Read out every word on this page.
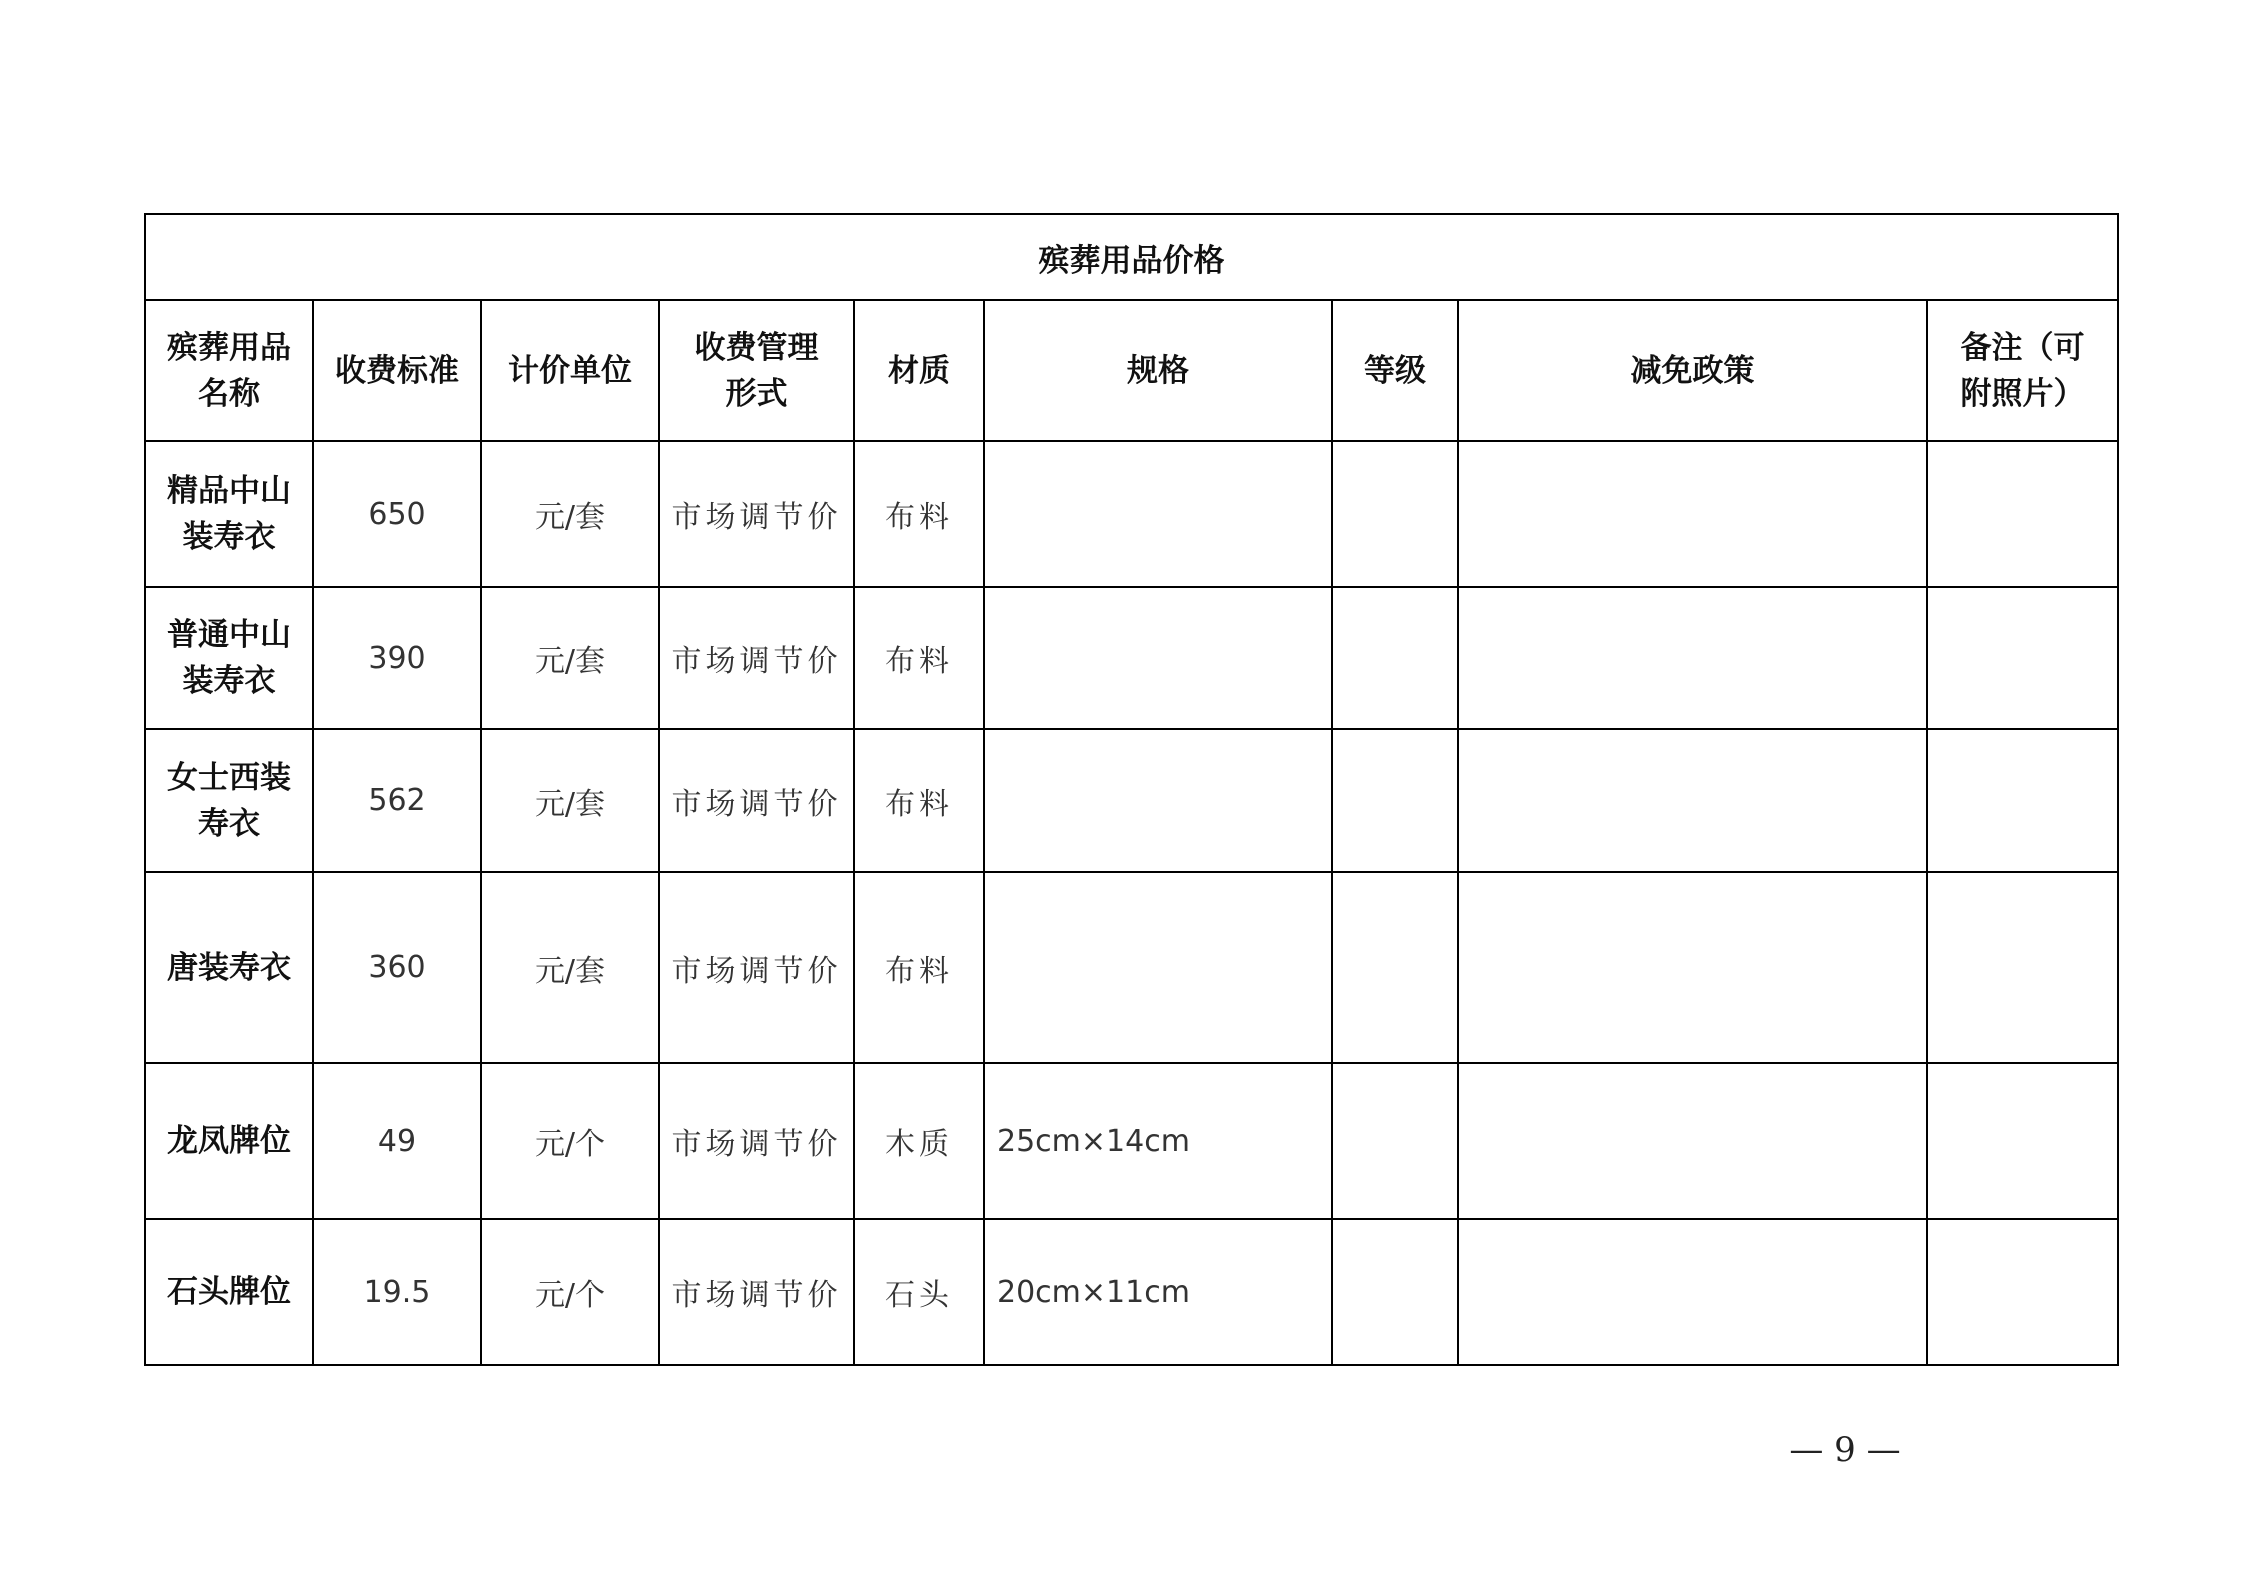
殡葬用品价格								

殡葬用品名称	收费标准	计价单位	收费管理形式	材质	规格	等级	减免政策	备注（可附照片）

精品中山装寿衣	650	元/套	市场调节价	布料				

普通中山装寿衣	390	元/套	市场调节价	布料				

女士西装寿衣	562	元/套	市场调节价	布料				

唐装寿衣	360	元/套	市场调节价	布料				

龙凤牌位	49	元/个	市场调节价	木质	25cm×14cm			

石头牌位	19.5	元/个	市场调节价	石头	20cm×11cm			
— 9 —
